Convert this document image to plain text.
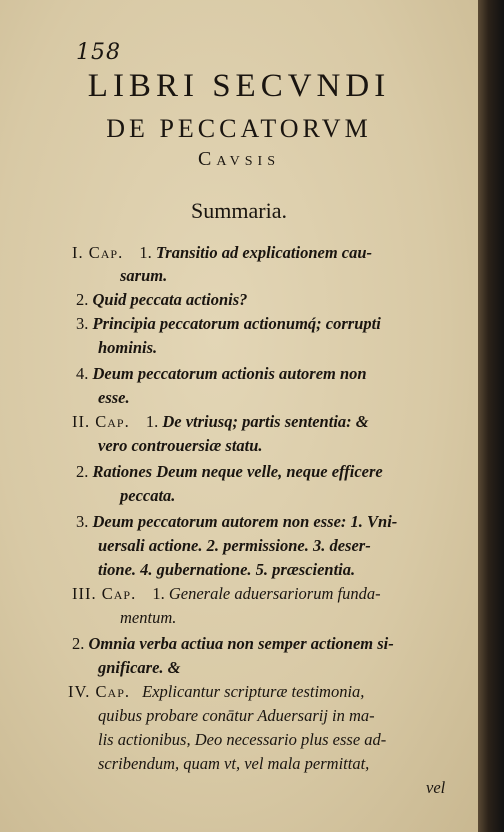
158
LIBRI SECVNDI
DE PECCATORVM
Cavsis
Summaria.
I. Cap. 1. Transitio ad explicationem cau-
sarum.
2. Quid peccata actionis?
3. Principia peccatorum actionumq́; corrupti
hominis.
4. Deum peccatorum actionis autorem non
esse.
II. Cap. 1. De vtriusq; partis sententia: &
vero controuersiæ statu.
2. Rationes Deum neque velle, neque efficere
peccata.
3. Deum peccatorum autorem non esse: 1. Vni-
uersali actione. 2. permissione. 3. deser-
tione. 4. gubernatione. 5. præscientia.
III. Cap. 1. Generale aduersariorum funda-
mentum.
2. Omnia verba actiua non semper actionem si-
gnificare. &
IV. Cap. Explicantur scripturæ testimonia,
quibus probare conātur Aduersarij in ma-
lis actionibus, Deo necessario plus esse ad-
scribendum, quam vt, vel mala permittat,
vel
